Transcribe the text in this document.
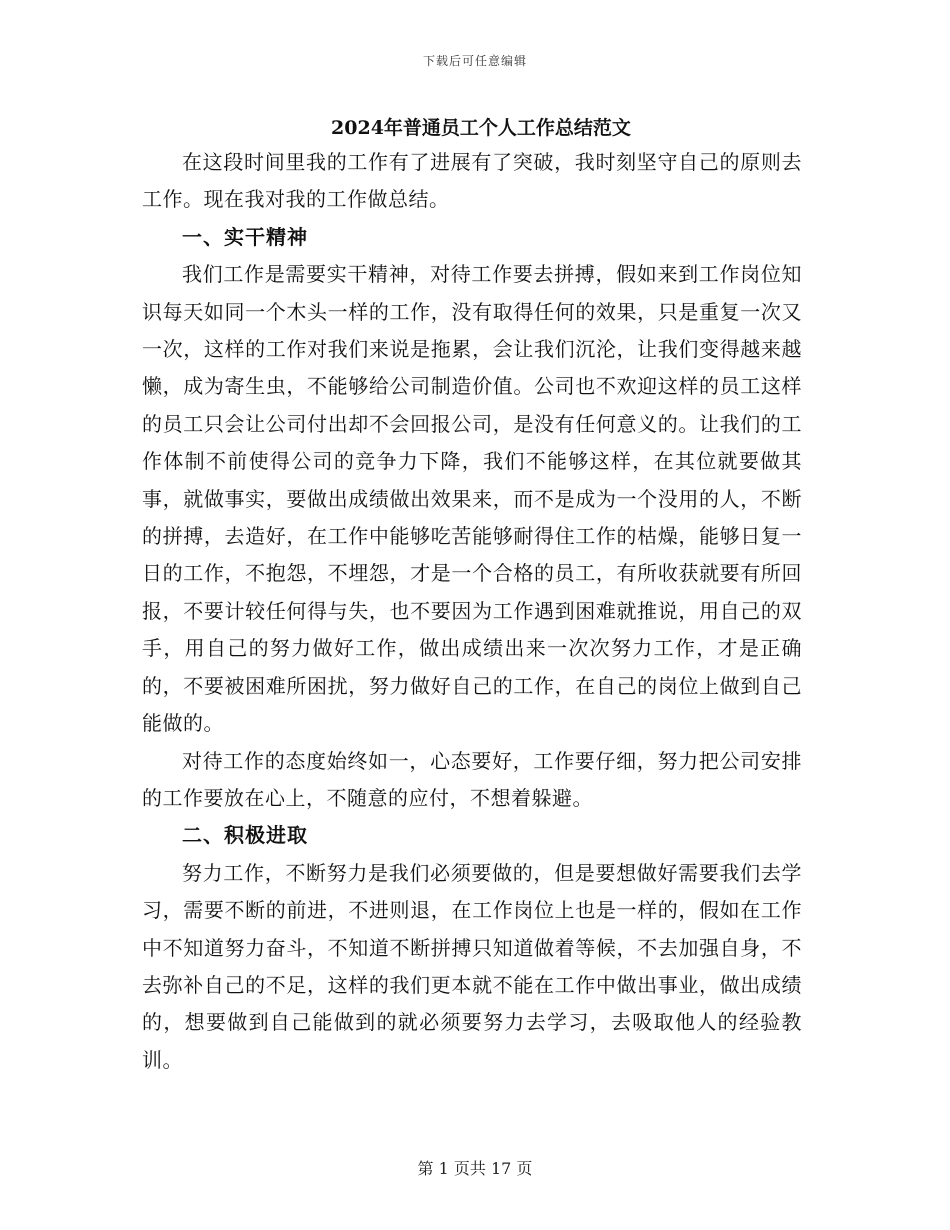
下载后可任意编辑
2024年普通员工个人工作总结范文

在这段时间里我的工作有了进展有了突破，我时刻坚守自己的原则去工作。现在我对我的工作做总结。

一、实干精神

我们工作是需要实干精神，对待工作要去拼搏，假如来到工作岗位知识每天如同一个木头一样的工作，没有取得任何的效果，只是重复一次又一次，这样的工作对我们来说是拖累，会让我们沉沦，让我们变得越来越懒，成为寄生虫，不能够给公司制造价值。公司也不欢迎这样的员工这样的员工只会让公司付出却不会回报公司，是没有任何意义的。让我们的工作体制不前使得公司的竞争力下降，我们不能够这样，在其位就要做其事，就做事实，要做出成绩做出效果来，而不是成为一个没用的人，不断的拼搏，去造好，在工作中能够吃苦能够耐得住工作的枯燥，能够日复一日的工作，不抱怨，不埋怨，才是一个合格的员工，有所收获就要有所回报，不要计较任何得与失，也不要因为工作遇到困难就推说，用自己的双手，用自己的努力做好工作，做出成绩出来一次次努力工作，才是正确的，不要被困难所困扰，努力做好自己的工作，在自己的岗位上做到自己能做的。

对待工作的态度始终如一，心态要好，工作要仔细，努力把公司安排的工作要放在心上，不随意的应付，不想着躲避。

二、积极进取

努力工作，不断努力是我们必须要做的，但是要想做好需要我们去学习，需要不断的前进，不进则退，在工作岗位上也是一样的，假如在工作中不知道努力奋斗，不知道不断拼搏只知道做着等候，不去加强自身，不去弥补自己的不足，这样的我们更本就不能在工作中做出事业，做出成绩的，想要做到自己能做到的就必须要努力去学习，去吸取他人的经验教训。

第 1 页共 17 页
